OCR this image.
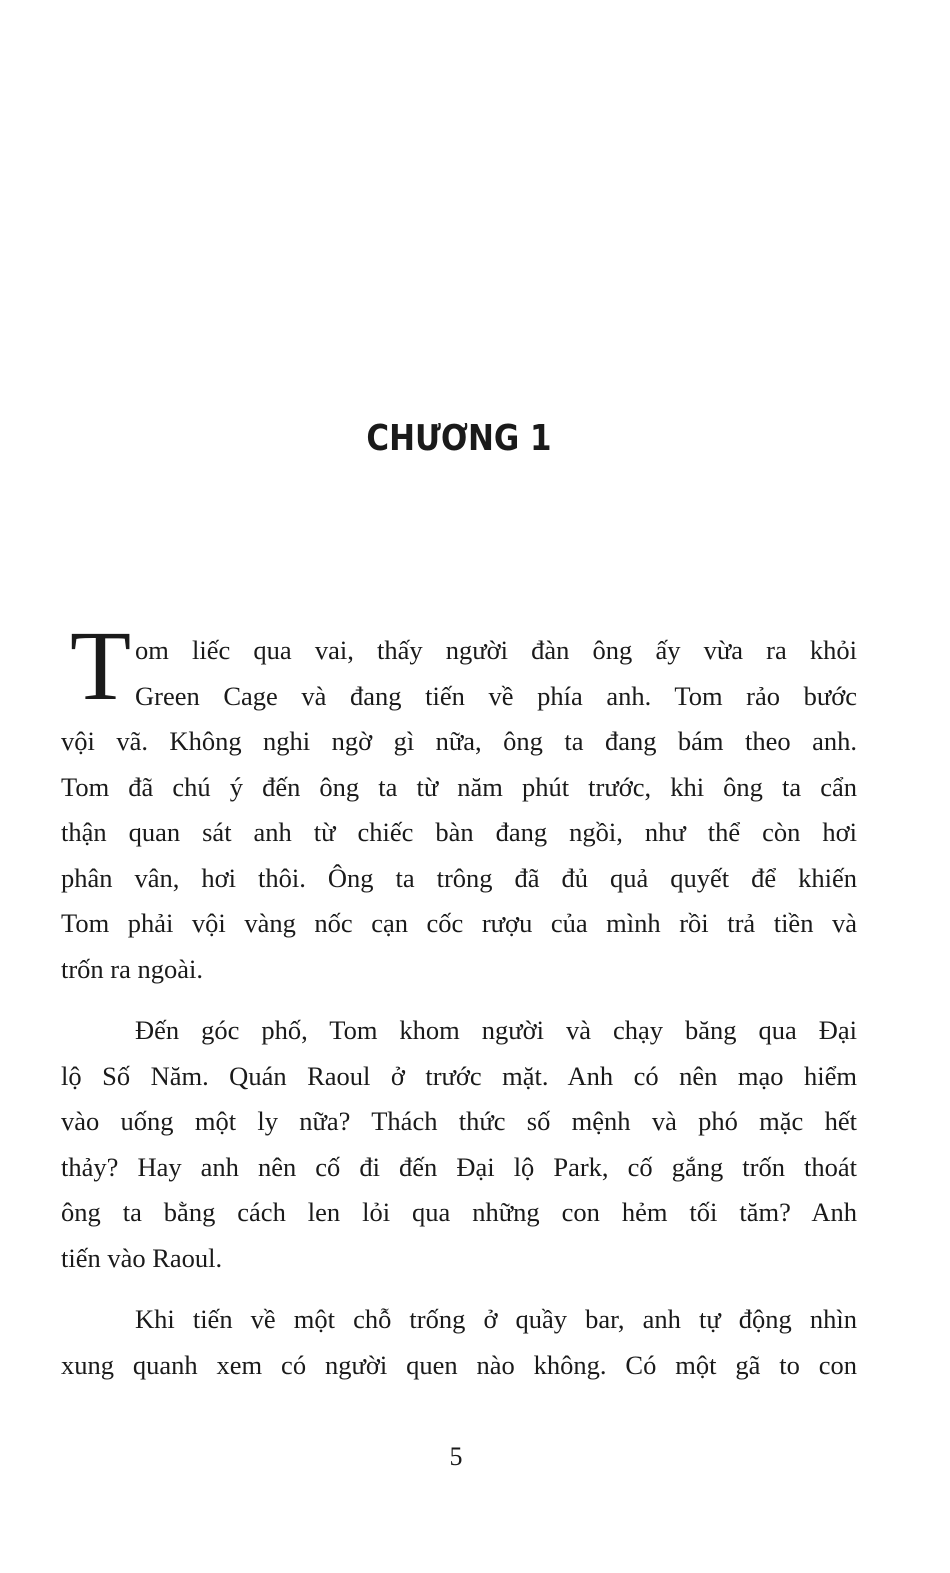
CHƯƠNG 1
T om liếc qua vai, thấy người đàn ông ấy vừa ra khỏi
Green Cage và đang tiến về phía anh. Tom rảo bước
vội vã. Không nghi ngờ gì nữa, ông ta đang bám theo anh.
Tom đã chú ý đến ông ta từ năm phút trước, khi ông ta cẩn
thận quan sát anh từ chiếc bàn đang ngồi, như thể còn hơi
phân vân, hơi thôi. Ông ta trông đã đủ quả quyết để khiến
Tom phải vội vàng nốc cạn cốc rượu của mình rồi trả tiền và
trốn ra ngoài.
Đến góc phố, Tom khom người và chạy băng qua Đại
lộ Số Năm. Quán Raoul ở trước mặt. Anh có nên mạo hiểm
vào uống một ly nữa? Thách thức số mệnh và phó mặc hết
thảy? Hay anh nên cố đi đến Đại lộ Park, cố gắng trốn thoát
ông ta bằng cách len lỏi qua những con hẻm tối tăm? Anh
tiến vào Raoul.
Khi tiến về một chỗ trống ở quầy bar, anh tự động nhìn
xung quanh xem có người quen nào không. Có một gã to con
5
